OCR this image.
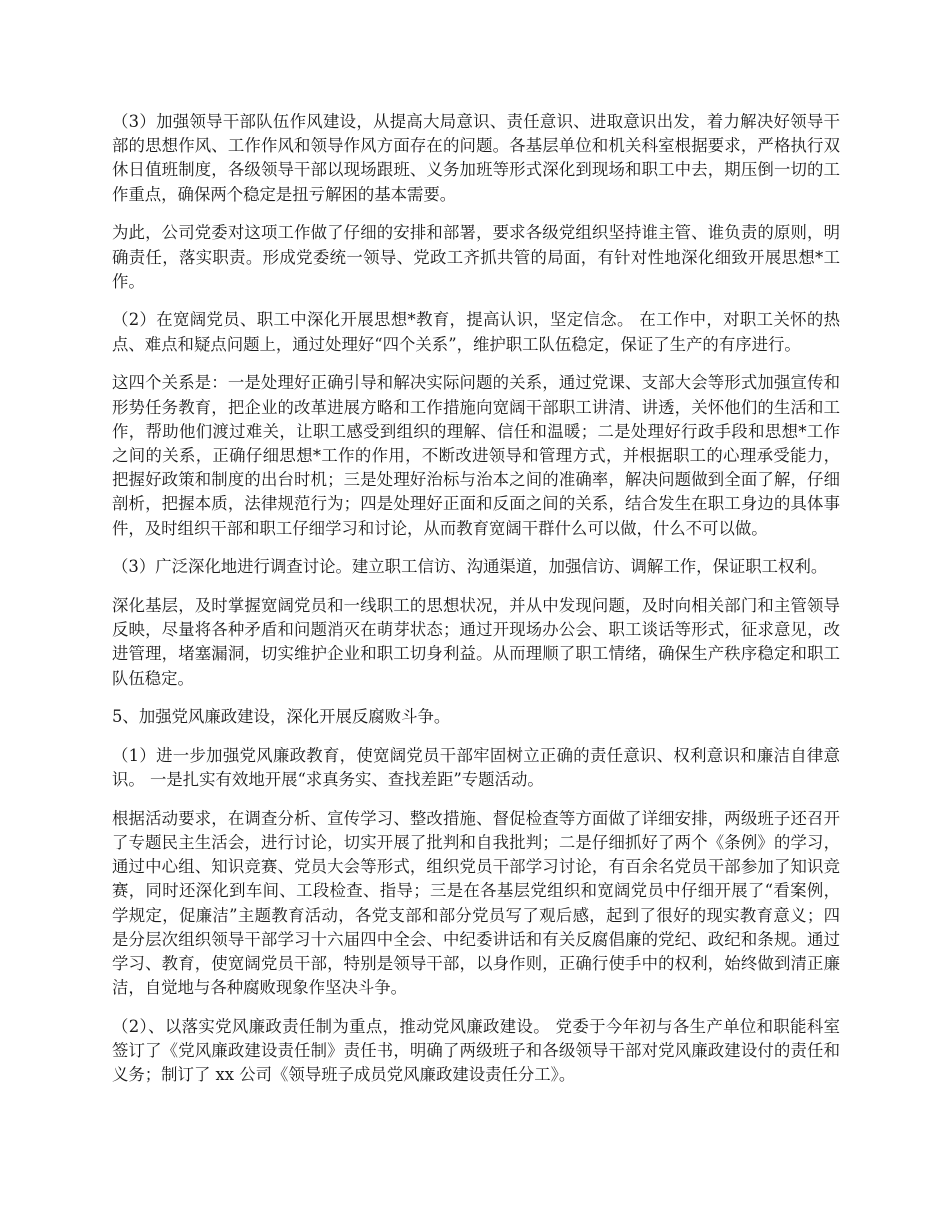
（3）加强领导干部队伍作风建设，从提高大局意识、责任意识、进取意识出发，着力解决好领导干部的思想作风、工作作风和领导作风方面存在的问题。各基层单位和机关科室根据要求，严格执行双休日值班制度，各级领导干部以现场跟班、义务加班等形式深化到现场和职工中去，期压倒一切的工作重点，确保两个稳定是扭亏解困的基本需要。

为此，公司党委对这项工作做了仔细的安排和部署，要求各级党组织坚持谁主管、谁负责的原则，明确责任，落实职责。形成党委统一领导、党政工齐抓共管的局面，有针对性地深化细致开展思想*工作。

（2）在宽阔党员、职工中深化开展思想*教育，提高认识，坚定信念。 在工作中，对职工关怀的热点、难点和疑点问题上，通过处理好“四个关系”，维护职工队伍稳定，保证了生产的有序进行。

这四个关系是：一是处理好正确引导和解决实际问题的关系，通过党课、支部大会等形式加强宣传和形势任务教育，把企业的改革进展方略和工作措施向宽阔干部职工讲清、讲透，关怀他们的生活和工作，帮助他们渡过难关，让职工感受到组织的理解、信任和温暖；二是处理好行政手段和思想*工作之间的关系，正确仔细思想*工作的作用，不断改进领导和管理方式，并根据职工的心理承受能力，把握好政策和制度的出台时机；三是处理好治标与治本之间的准确率，解决问题做到全面了解，仔细剖析，把握本质，法律规范行为；四是处理好正面和反面之间的关系，结合发生在职工身边的具体事件，及时组织干部和职工仔细学习和讨论，从而教育宽阔干群什么可以做，什么不可以做。

（3）广泛深化地进行调查讨论。建立职工信访、沟通渠道，加强信访、调解工作，保证职工权利。

深化基层，及时掌握宽阔党员和一线职工的思想状况，并从中发现问题，及时向相关部门和主管领导反映，尽量将各种矛盾和问题消灭在萌芽状态；通过开现场办公会、职工谈话等形式，征求意见，改进管理，堵塞漏洞，切实维护企业和职工切身利益。从而理顺了职工情绪，确保生产秩序稳定和职工队伍稳定。

5、加强党风廉政建设，深化开展反腐败斗争。

（1）进一步加强党风廉政教育，使宽阔党员干部牢固树立正确的责任意识、权利意识和廉洁自律意识。 一是扎实有效地开展“求真务实、查找差距”专题活动。

根据活动要求，在调查分析、宣传学习、整改措施、督促检查等方面做了详细安排，两级班子还召开了专题民主生活会，进行讨论，切实开展了批判和自我批判；二是仔细抓好了两个《条例》的学习，通过中心组、知识竞赛、党员大会等形式，组织党员干部学习讨论，有百余名党员干部参加了知识竞赛，同时还深化到车间、工段检查、指导；三是在各基层党组织和宽阔党员中仔细开展了“看案例，学规定，促廉洁”主题教育活动，各党支部和部分党员写了观后感，起到了很好的现实教育意义；四是分层次组织领导干部学习十六届四中全会、中纪委讲话和有关反腐倡廉的党纪、政纪和条规。通过学习、教育，使宽阔党员干部，特别是领导干部，以身作则，正确行使手中的权利，始终做到清正廉洁，自觉地与各种腐败现象作坚决斗争。

（2）、以落实党风廉政责任制为重点，推动党风廉政建设。 党委于今年初与各生产单位和职能科室签订了《党风廉政建设责任制》责任书，明确了两级班子和各级领导干部对党风廉政建设付的责任和义务；制订了 xx 公司《领导班子成员党风廉政建设责任分工》。
